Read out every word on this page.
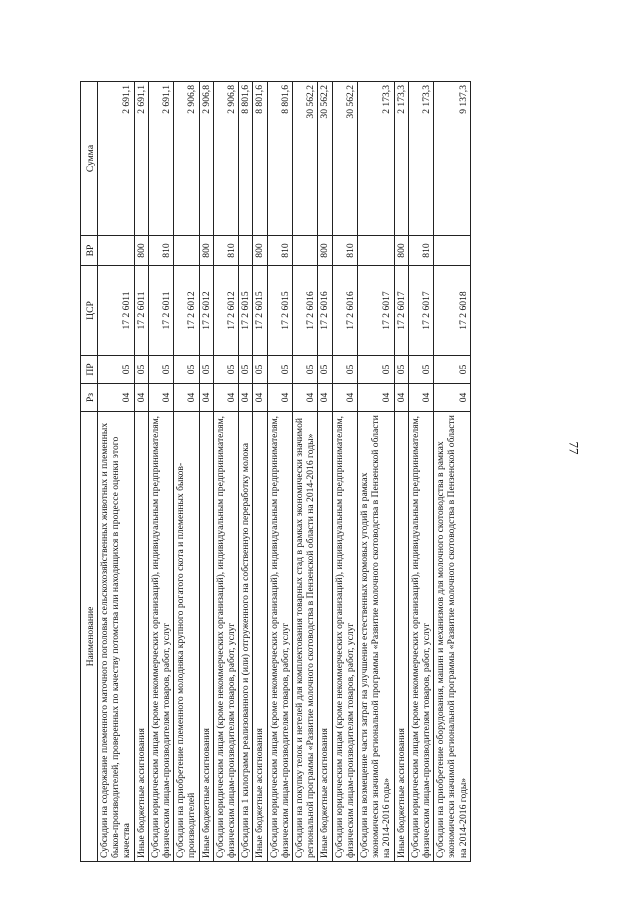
77
Наименование	Рз	ПР	ЦСР	ВР	Сумма
Субсидии на содержание племенного маточного поголовья сельскохозяйственных животных и племенных быков-производителей, проверенных по качеству потомства или находящихся в процессе оценки этого качества	04	05	17 2 6011		2 691,1
Иные бюджетные ассигнования	04	05	17 2 6011	800	2 691,1
Субсидии юридическим лицам (кроме некоммерческих организаций), индивидуальным предпринимателям, физическим лицам-производителям товаров, работ, услуг	04	05	17 2 6011	810	2 691,1
Субсидии на приобретение племенного молодняка крупного рогатого скота и племенных быков-производителей	04	05	17 2 6012		2 906,8
Иные бюджетные ассигнования	04	05	17 2 6012	800	2 906,8
Субсидии юридическим лицам (кроме некоммерческих организаций), индивидуальным предпринимателям, физическим лицам-производителям товаров, работ, услуг	04	05	17 2 6012	810	2 906,8
Субсидии на 1 килограмм реализованного и (или) отгруженного на собственную переработку молока	04	05	17 2 6015		8 801,6
Иные бюджетные ассигнования	04	05	17 2 6015	800	8 801,6
Субсидии юридическим лицам (кроме некоммерческих организаций), индивидуальным предпринимателям, физическим лицам-производителям товаров, работ, услуг	04	05	17 2 6015	810	8 801,6
Субсидии на покупку телок и нетелей для комплектования товарных стад в рамках экономически значимой региональной программы «Развитие молочного скотоводства в Пензенской области на 2014-2016 годы»	04	05	17 2 6016		30 562,2
Иные бюджетные ассигнования	04	05	17 2 6016	800	30 562,2
Субсидии юридическим лицам (кроме некоммерческих организаций), индивидуальным предпринимателям, физическим лицам-производителям товаров, работ, услуг	04	05	17 2 6016	810	30 562,2
Субсидии на возмещение части затрат на улучшение естественных кормовых угодий в рамках экономически значимой региональной программы «Развитие молочного скотоводства в Пензенской области на 2014-2016 годы»	04	05	17 2 6017		2 173,3
Иные бюджетные ассигнования	04	05	17 2 6017	800	2 173,3
Субсидии юридическим лицам (кроме некоммерческих организаций), индивидуальным предпринимателям, физическим лицам-производителям товаров, работ, услуг	04	05	17 2 6017	810	2 173,3
Субсидии на приобретение оборудования, машин и механизмов для молочного скотоводства в рамках экономически значимой региональной программы «Развитие молочного скотоводства в Пензенской области на 2014-2016 годы»	04	05	17 2 6018		9 137,3
